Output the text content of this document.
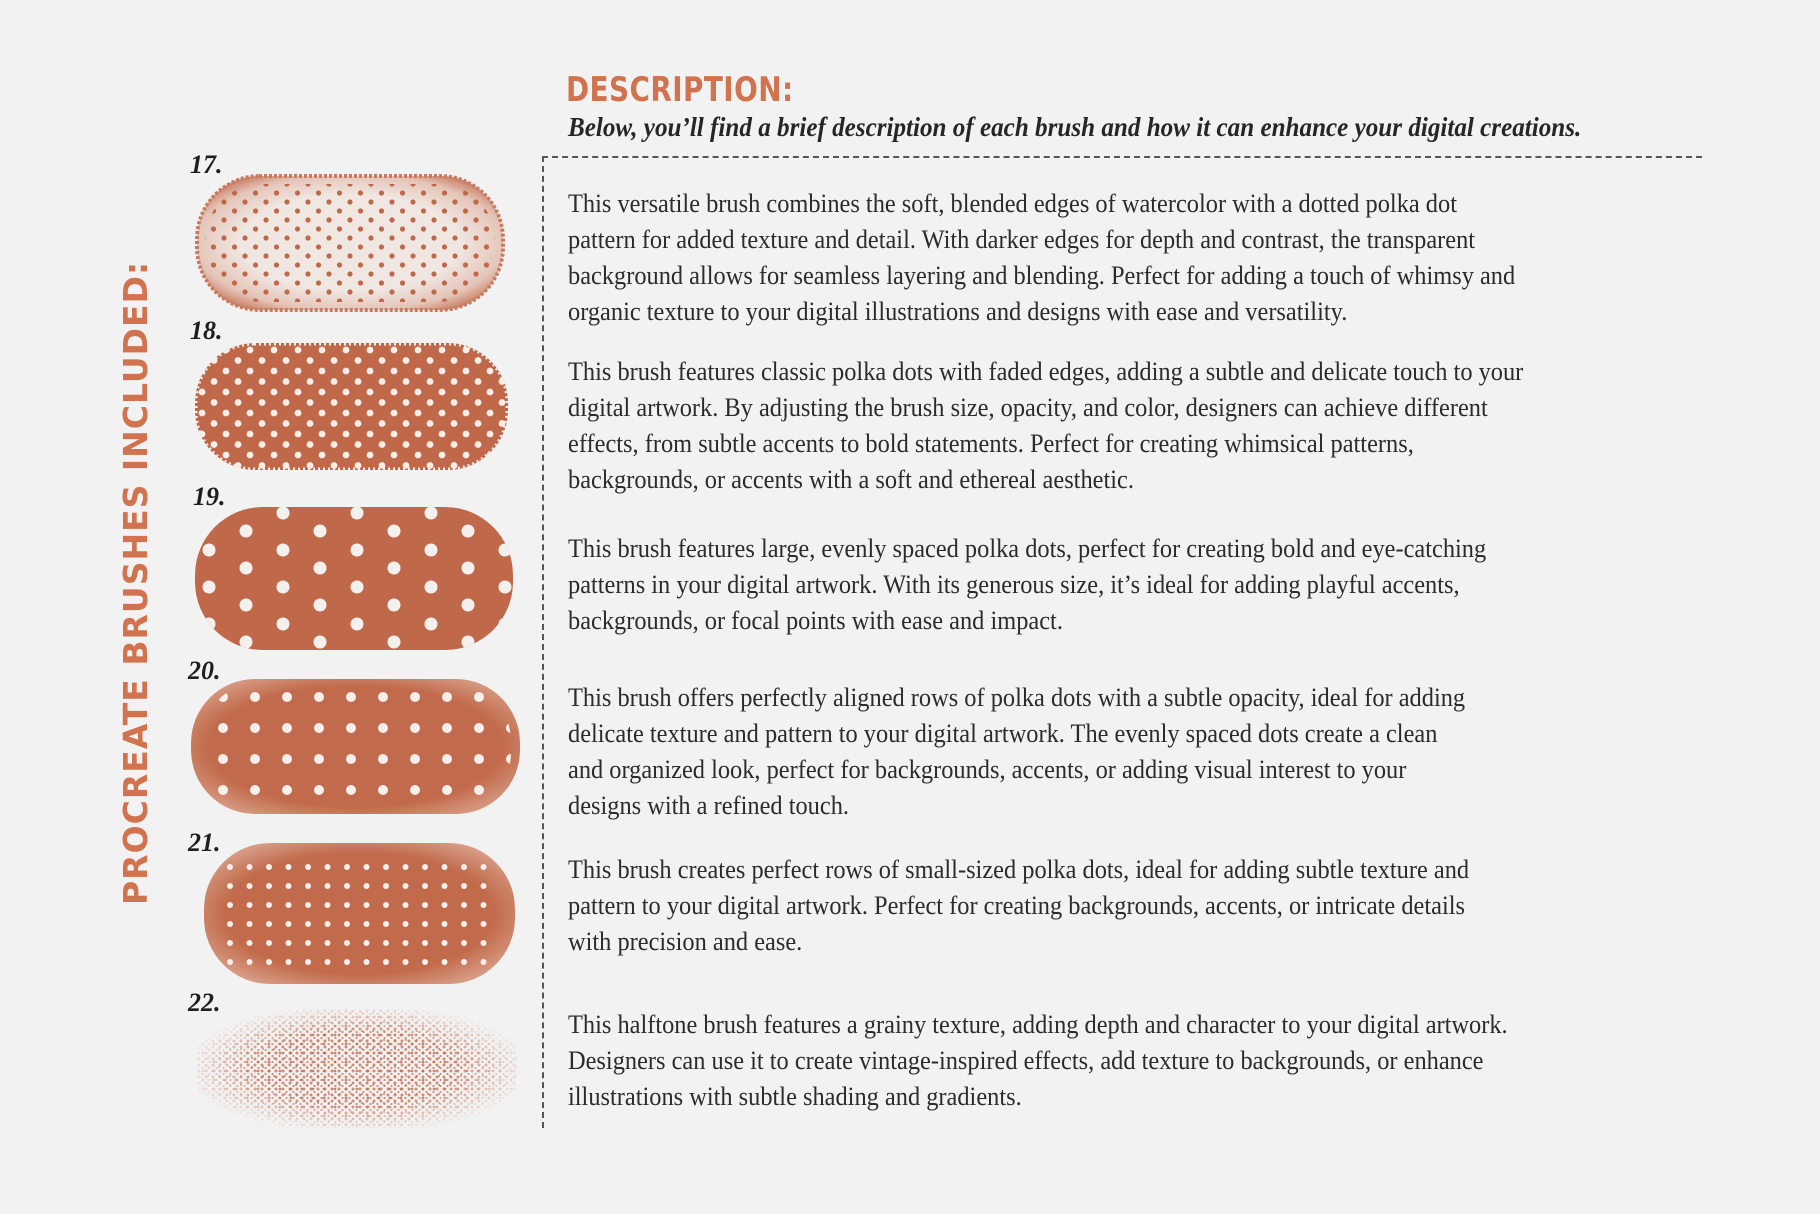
PROCREATE BRUSHES INCLUDED:
DESCRIPTION:
Below, you’ll find a brief description of each brush and how it can enhance your digital creations.
17.
18.
19.
20.
21.
22.
This versatile brush combines the soft, blended edges of watercolor with a dotted polka dot
pattern for added texture and detail. With darker edges for depth and contrast, the transparent
background allows for seamless layering and blending. Perfect for adding a touch of whimsy and
organic texture to your digital illustrations and designs with ease and versatility.
This brush features classic polka dots with faded edges, adding a subtle and delicate touch to your
digital artwork. By adjusting the brush size, opacity, and color, designers can achieve different
effects, from subtle accents to bold statements. Perfect for creating whimsical patterns,
backgrounds, or accents with a soft and ethereal aesthetic.
This brush features large, evenly spaced polka dots, perfect for creating bold and eye-catching
patterns in your digital artwork. With its generous size, it’s ideal for adding playful accents,
backgrounds, or focal points with ease and impact.
This brush offers perfectly aligned rows of polka dots with a subtle opacity, ideal for adding
delicate texture and pattern to your digital artwork. The evenly spaced dots create a clean
and organized look, perfect for backgrounds, accents, or adding visual interest to your
designs with a refined touch.
This brush creates perfect rows of small-sized polka dots, ideal for adding subtle texture and
pattern to your digital artwork. Perfect for creating backgrounds, accents, or intricate details
with precision and ease.
This halftone brush features a grainy texture, adding depth and character to your digital artwork.
Designers can use it to create vintage-inspired effects, add texture to backgrounds, or enhance
illustrations with subtle shading and gradients.
